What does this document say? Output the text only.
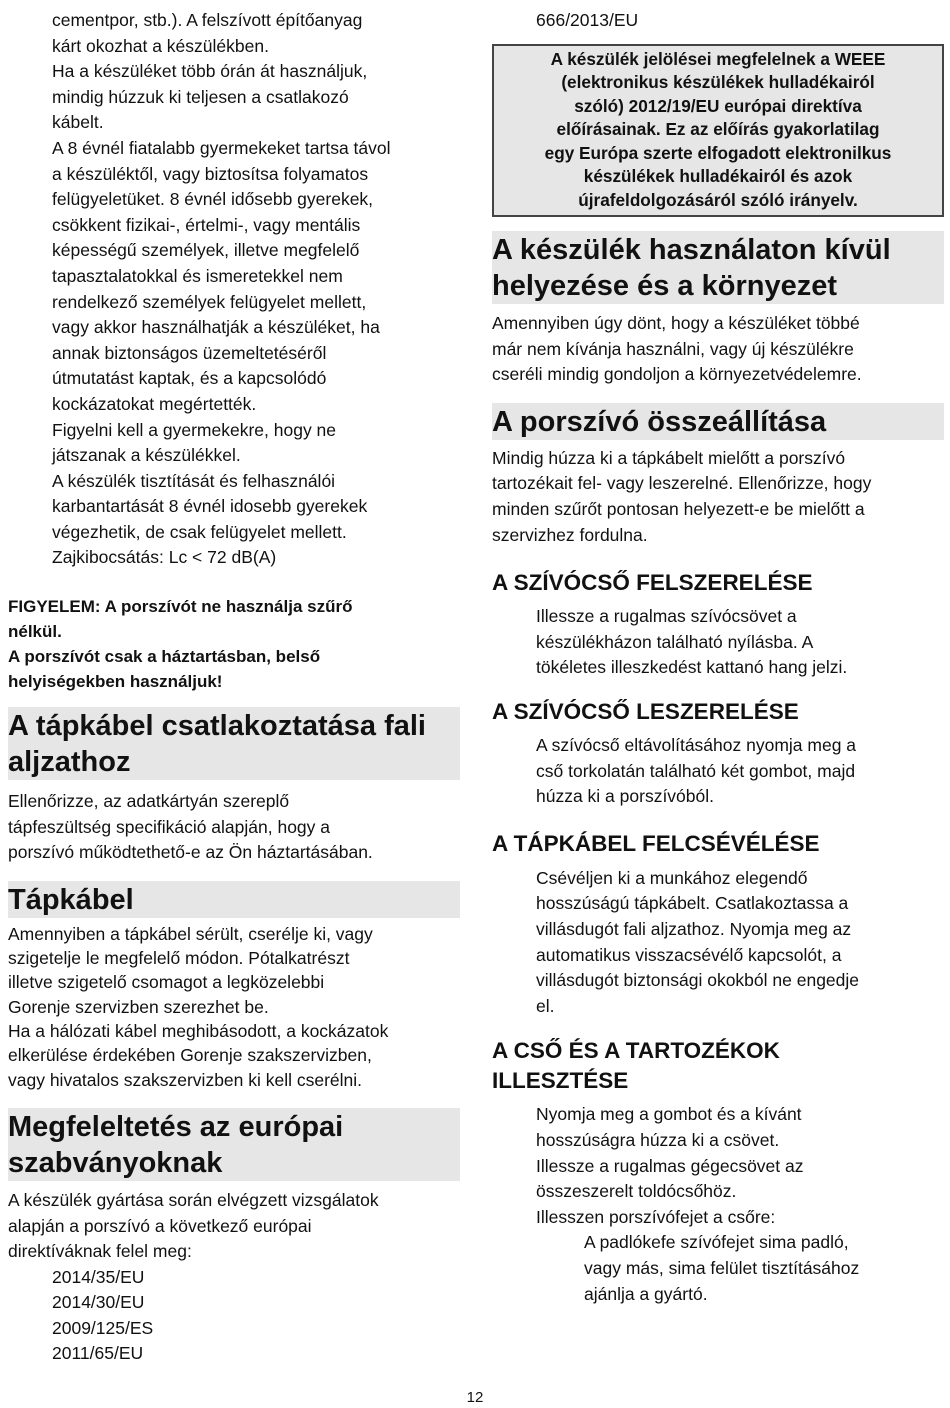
cementpor, stb.). A felszívott építőanyag

kárt okozhat a készülékben.

Ha a készüléket több órán át használjuk,

mindig húzzuk ki teljesen a csatlakozó

kábelt.

A 8 évnél fiatalabb gyermekeket tartsa távol

a készüléktől, vagy biztosítsa folyamatos

felügyeletüket. 8 évnél idősebb gyerekek,

csökkent fizikai-, értelmi-, vagy mentális

képességű személyek, illetve megfelelő

tapasztalatokkal és ismeretekkel nem

rendelkező személyek felügyelet mellett,

vagy akkor használhatják a készüléket, ha

annak biztonságos üzemeltetéséről

útmutatást kaptak, és a kapcsolódó

kockázatokat megértették.

Figyelni kell a gyermekekre, hogy ne

játszanak a készülékkel.

A készülék tisztítását és felhasználói

karbantartását 8 évnél idosebb gyerekek

végezhetik, de csak felügyelet mellett.

Zajkibocsátás: Lc < 72 dB(A)

FIGYELEM: A porszívót ne használja szűrő

nélkül.

A porszívót csak a háztartásban, belső

helyiségekben használjuk!

A tápkábel csatlakoztatása fali
aljzathoz

Ellenőrizze, az adatkártyán szereplő

tápfeszültség specifikáció alapján, hogy a

porszívó működtethető-e az Ön háztartásában.

Tápkábel

Amennyiben a tápkábel sérült, cserélje ki, vagy

szigetelje le megfelelő módon. Pótalkatrészt

illetve szigetelő csomagot a legközelebbi

Gorenje szervizben szerezhet be.

Ha a hálózati kábel meghibásodott, a kockázatok

elkerülése érdekében Gorenje szakszervizben,

vagy hivatalos szakszervizben ki kell cserélni.

Megfeleltetés az európai
szabványoknak

A készülék gyártása során elvégzett vizsgálatok

alapján a porszívó a következő európai

direktíváknak felel meg:

2014/35/EU

2014/30/EU

2009/125/ES

2011/65/EU

666/2013/EU

A készülék jelölései megfelelnek a WEEE
(elektronikus készülékek hulladékairól
szóló) 2012/19/EU európai direktíva
előírásainak. Ez az előírás gyakorlatilag
egy Európa szerte elfogadott elektronilkus
készülékek hulladékairól és azok
újrafeldolgozásáról szóló irányelv.
A készülék használaton kívül
helyezése és a környezet

Amennyiben úgy dönt, hogy a készüléket többé

már nem kívánja használni, vagy új készülékre

cseréli mindig gondoljon a környezetvédelemre.

A porszívó összeállítása

Mindig húzza ki a tápkábelt mielőtt a porszívó

tartozékait fel- vagy leszerelné. Ellenőrizze, hogy

minden szűrőt pontosan helyezett-e be mielőtt a

szervizhez fordulna.

A SZÍVÓCSŐ FELSZERELÉSE

Illessze a rugalmas szívócsövet a

készülékházon található nyílásba. A

tökéletes illeszkedést kattanó hang jelzi.

A SZÍVÓCSŐ LESZERELÉSE

A szívócső eltávolításához nyomja meg a

cső torkolatán található két gombot, majd

húzza ki a porszívóból.

A TÁPKÁBEL FELCSÉVÉLÉSE

Csévéljen ki a munkához elegendő

hosszúságú tápkábelt. Csatlakoztassa a

villásdugót fali aljzathoz. Nyomja meg az

automatikus visszacsévélő kapcsolót, a

villásdugót biztonsági okokból ne engedje

el.

A CSŐ ÉS A TARTOZÉKOK
ILLESZTÉSE

Nyomja meg a gombot és a kívánt

hosszúságra húzza ki a csövet.

Illessze a rugalmas gégecsövet az

összeszerelt toldócsőhöz.

Illesszen porszívófejet a csőre:

A padlókefe szívófejet sima padló,

vagy más, sima felület tisztításához

ajánlja a gyártó.

12
